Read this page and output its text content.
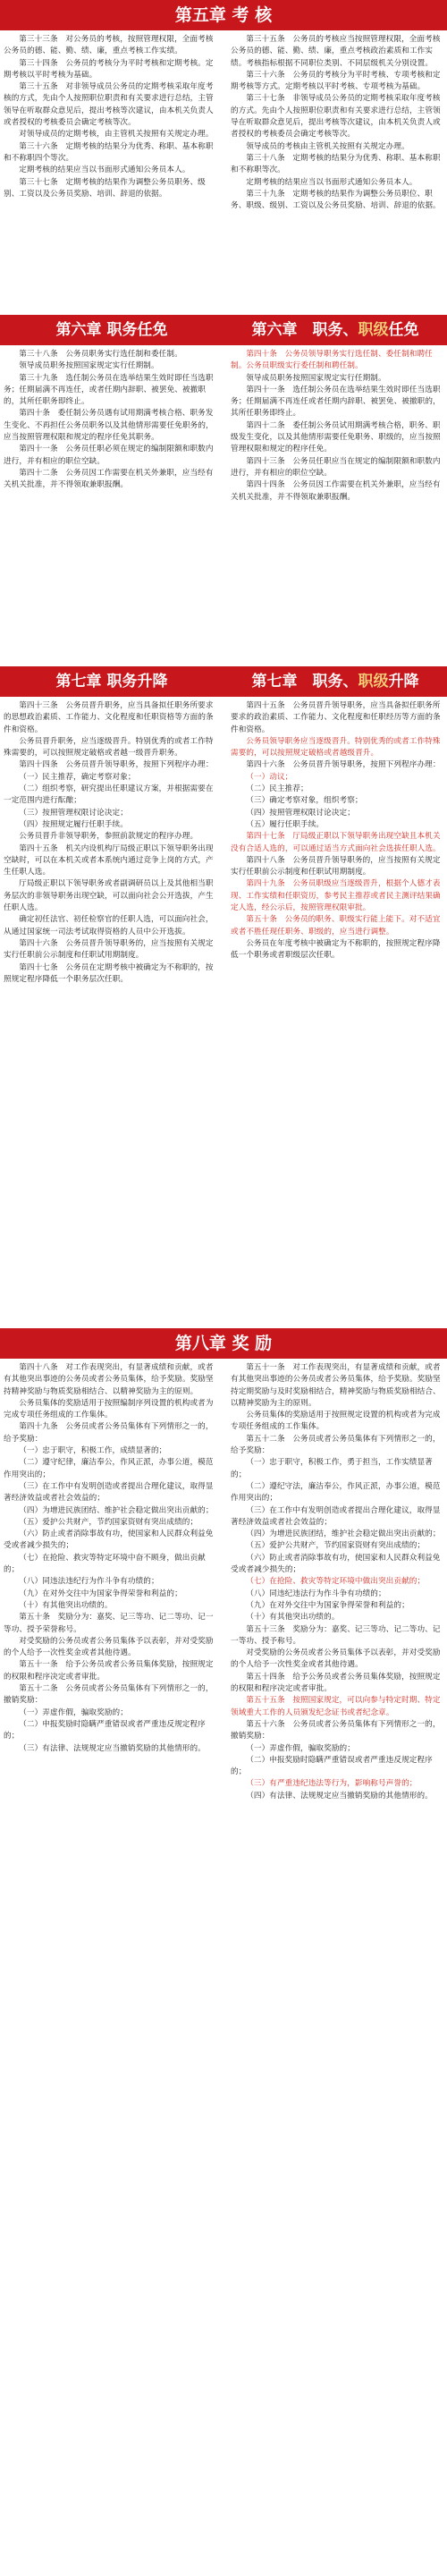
第五章 考 核

第三十三条　对公务员的考核，按照管理权限，全面考核公务员的德、能、勤、绩、廉，重点考核工作实绩。

第三十四条　公务员的考核分为平时考核和定期考核。定期考核以平时考核为基础。

第三十五条　对非领导成员公务员的定期考核采取年度考核的方式，先由个人按照职位职责和有关要求进行总结，主管领导在听取群众意见后，提出考核等次建议，由本机关负责人或者授权的考核委员会确定考核等次。

对领导成员的定期考核，由主管机关按照有关规定办理。

第三十六条　定期考核的结果分为优秀、称职、基本称职和不称职四个等次。

定期考核的结果应当以书面形式通知公务员本人。

第三十七条　定期考核的结果作为调整公务员职务、级别、工资以及公务员奖励、培训、辞退的依据。

第三十五条　公务员的考核应当按照管理权限，全面考核公务员的德、能、勤、绩、廉，重点考核政治素质和工作实绩。考核指标根据不同职位类别、不同层级机关分别设置。

第三十六条　公务员的考核分为平时考核、专项考核和定期考核等方式。定期考核以平时考核、专项考核为基础。

第三十七条　非领导成员公务员的定期考核采取年度考核的方式。先由个人按照职位职责和有关要求进行总结，主管领导在听取群众意见后，提出考核等次建议，由本机关负责人或者授权的考核委员会确定考核等次。

领导成员的考核由主管机关按照有关规定办理。

第三十八条　定期考核的结果分为优秀、称职、基本称职和不称职等次。

定期考核的结果应当以书面形式通知公务员本人。

第三十九条　定期考核的结果作为调整公务员职位、职务、职级、级别、工资以及公务员奖励、培训、辞退的依据。

第六章 职务任免	第六章　职务、职级任免

第三十八条　公务员职务实行选任制和委任制。

领导成员职务按照国家规定实行任期制。

第三十九条　选任制公务员在选举结果生效时即任当选职务；任期届满不再连任，或者任期内辞职、被罢免、被撤职的，其所任职务即终止。

第四十条　委任制公务员遇有试用期满考核合格、职务发生变化、不再担任公务员职务以及其他情形需要任免职务的，应当按照管理权限和规定的程序任免其职务。

第四十一条　公务员任职必须在规定的编制限额和职数内进行，并有相应的职位空缺。

第四十二条　公务员因工作需要在机关外兼职，应当经有关机关批准，并不得领取兼职报酬。

第四十条　公务员领导职务实行选任制、委任制和聘任制。公务员职级实行委任制和聘任制。

领导成员职务按照国家规定实行任期制。

第四十一条　选任制公务员在选举结果生效时即任当选职务；任期届满不再连任或者任期内辞职、被罢免、被撤职的，其所任职务即终止。

第四十二条　委任制公务员试用期满考核合格，职务、职级发生变化，以及其他情形需要任免职务、职级的，应当按照管理权限和规定的程序任免。

第四十三条　公务员任职应当在规定的编制限额和职数内进行，并有相应的职位空缺。

第四十四条　公务员因工作需要在机关外兼职，应当经有关机关批准，并不得领取兼职报酬。

第七章 职务升降	第七章　职务、职级升降

第四十三条　公务员晋升职务，应当具备拟任职务所要求的思想政治素质、工作能力、文化程度和任职资格等方面的条件和资格。

公务员晋升职务，应当逐级晋升。特别优秀的或者工作特殊需要的，可以按照规定破格或者越一级晋升职务。

第四十四条　公务员晋升领导职务，按照下列程序办理：

（一）民主推荐，确定考察对象；

（二）组织考察，研究提出任职建议方案，并根据需要在一定范围内进行酝酿；

（三）按照管理权限讨论决定；

（四）按照规定履行任职手续。

公务员晋升非领导职务，参照前款规定的程序办理。

第四十五条　机关内设机构厅局级正职以下领导职务出现空缺时，可以在本机关或者本系统内通过竞争上岗的方式，产生任职人选。

厅局级正职以下领导职务或者副调研员以上及其他相当职务层次的非领导职务出现空缺，可以面向社会公开选拔，产生任职人选。

确定初任法官、初任检察官的任职人选，可以面向社会，从通过国家统一司法考试取得资格的人员中公开选拔。

第四十六条　公务员晋升领导职务的，应当按照有关规定实行任职前公示制度和任职试用期制度。

第四十七条　公务员在定期考核中被确定为不称职的，按照规定程序降低一个职务层次任职。

第四十五条　公务员晋升领导职务，应当具备拟任职务所要求的政治素质、工作能力、文化程度和任职经历等方面的条件和资格。

公务员领导职务应当逐级晋升。特别优秀的或者工作特殊需要的，可以按照规定破格或者越级晋升。

第四十六条　公务员晋升领导职务，按照下列程序办理：

（一）动议；

（二）民主推荐；

（三）确定考察对象，组织考察；

（四）按照管理权限讨论决定；

（五）履行任职手续。

第四十七条　厅局级正职以下领导职务出现空缺且本机关没有合适人选的，可以通过适当方式面向社会选拔任职人选。

第四十八条　公务员晋升领导职务的，应当按照有关规定实行任职前公示制度和任职试用期制度。

第四十九条　公务员职级应当逐级晋升，根据个人德才表现、工作实绩和任职资历，参考民主推荐或者民主测评结果确定人选，经公示后，按照管理权限审批。

第五十条　公务员的职务、职级实行能上能下。对不适宜或者不胜任现任职务、职级的，应当进行调整。

公务员在年度考核中被确定为不称职的，按照规定程序降低一个职务或者职级层次任职。

第八章 奖 励

第四十八条　对工作表现突出，有显著成绩和贡献，或者有其他突出事迹的公务员或者公务员集体，给予奖励。奖励坚持精神奖励与物质奖励相结合、以精神奖励为主的原则。

公务员集体的奖励适用于按照编制序列设置的机构或者为完成专项任务组成的工作集体。

第四十九条　公务员或者公务员集体有下列情形之一的，给予奖励：

（一）忠于职守，积极工作，成绩显著的；

（二）遵守纪律，廉洁奉公，作风正派，办事公道，模范作用突出的；

（三）在工作中有发明创造或者提出合理化建议，取得显著经济效益或者社会效益的；

（四）为增进民族团结、维护社会稳定做出突出贡献的；

（五）爱护公共财产，节约国家资财有突出成绩的；

（六）防止或者消除事故有功，使国家和人民群众利益免受或者减少损失的；

（七）在抢险、救灾等特定环境中奋不顾身，做出贡献的；

（八）同违法违纪行为作斗争有功绩的；

（九）在对外交往中为国家争得荣誉和利益的；

（十）有其他突出功绩的。

第五十条　奖励分为：嘉奖、记三等功、记二等功、记一等功、授予荣誉称号。

对受奖励的公务员或者公务员集体予以表彰，并对受奖励的个人给予一次性奖金或者其他待遇。

第五十一条　给予公务员或者公务员集体奖励，按照规定的权限和程序决定或者审批。

第五十二条　公务员或者公务员集体有下列情形之一的，撤销奖励：

（一）弄虚作假，骗取奖励的；

（二）申报奖励时隐瞒严重错误或者严重违反规定程序的；

（三）有法律、法规规定应当撤销奖励的其他情形的。

第五十一条　对工作表现突出，有显著成绩和贡献，或者有其他突出事迹的公务员或者公务员集体，给予奖励。奖励坚持定期奖励与及时奖励相结合，精神奖励与物质奖励相结合、以精神奖励为主的原则。

公务员集体的奖励适用于按照规定设置的机构或者为完成专项任务组成的工作集体。

第五十二条　公务员或者公务员集体有下列情形之一的，给予奖励：

（一）忠于职守，积极工作，勇于担当，工作实绩显著的；

（二）遵纪守法，廉洁奉公，作风正派，办事公道，模范作用突出的；

（三）在工作中有发明创造或者提出合理化建议，取得显著经济效益或者社会效益的；

（四）为增进民族团结，维护社会稳定做出突出贡献的；

（五）爱护公共财产，节约国家资财有突出成绩的；

（六）防止或者消除事故有功，使国家和人民群众利益免受或者减少损失的；

（七）在抢险、救灾等特定环境中做出突出贡献的；

（八）同违纪违法行为作斗争有功绩的；

（九）在对外交往中为国家争得荣誉和利益的；

（十）有其他突出功绩的。

第五十三条　奖励分为：嘉奖、记三等功、记二等功、记一等功、授予称号。

对受奖励的公务员或者公务员集体予以表彰，并对受奖励的个人给予一次性奖金或者其他待遇。

第五十四条　给予公务员或者公务员集体奖励，按照规定的权限和程序决定或者审批。

第五十五条　按照国家规定，可以向参与特定时期、特定领域重大工作的人员颁发纪念证书或者纪念章。

第五十六条　公务员或者公务员集体有下列情形之一的，撤销奖励：

（一）弄虚作假，骗取奖励的；

（二）申报奖励时隐瞒严重错误或者严重违反规定程序的；

（三）有严重违纪违法等行为，影响称号声誉的；

（四）有法律、法规规定应当撤销奖励的其他情形的。
